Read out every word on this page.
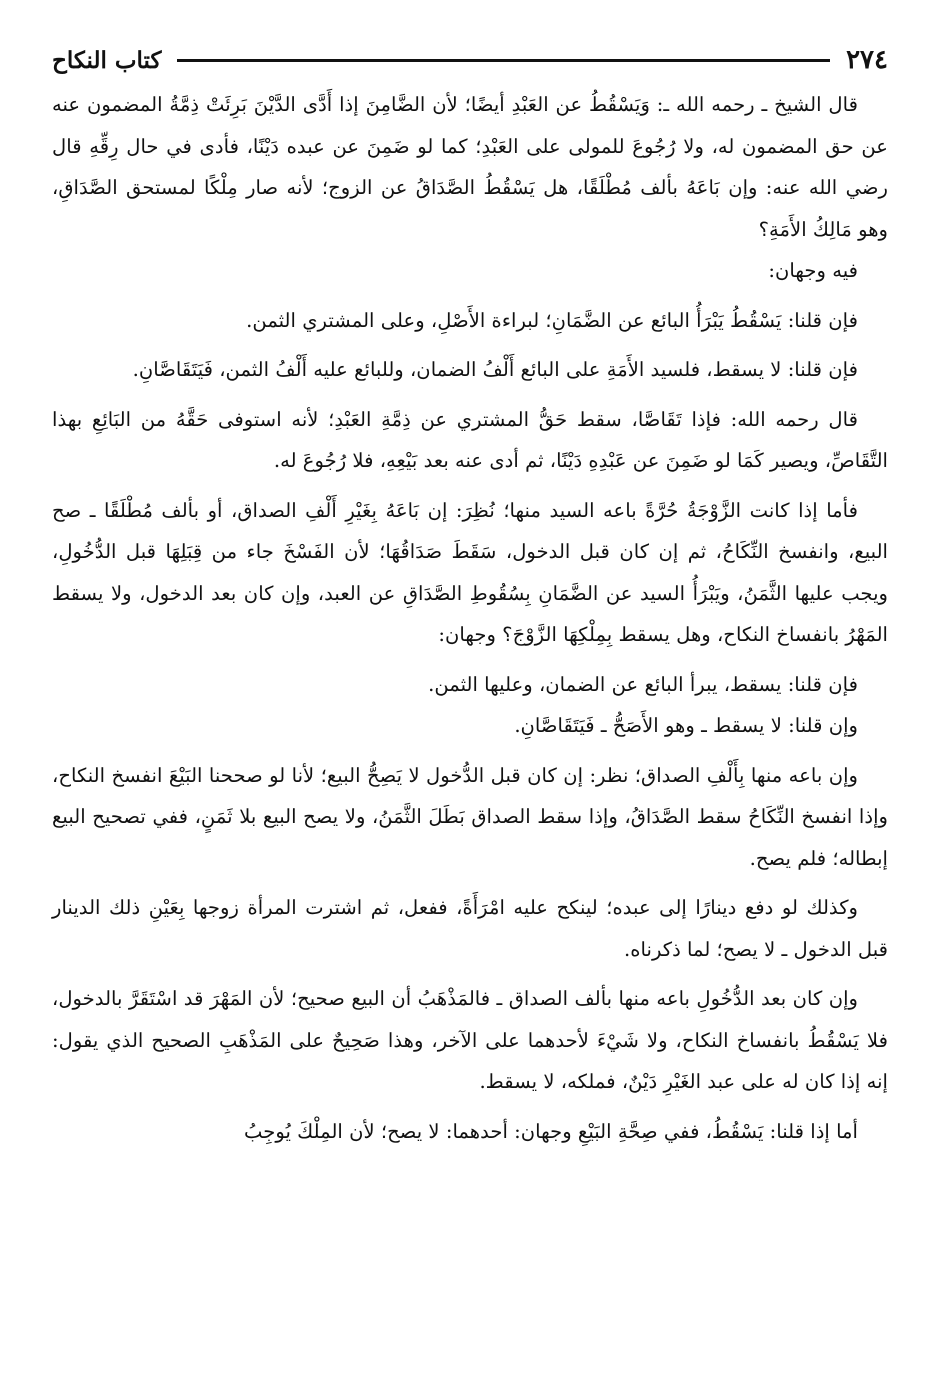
٢٧٤
كتاب النكاح

قال الشيخ ـ رحمه الله ـ: وَيَسْقُطُ عن العَبْدِ أيضًا؛ لأن الضَّامِنَ إذا أَدَّى الدَّيْنَ بَرِئَتْ ذِمَّةُ المضمون عنه عن حق المضمون له، ولا رُجُوعَ للمولى على العَبْدِ؛ كما لو ضَمِنَ عن عبده دَيْنًا، فأدى في حال رِقِّهِ قال رضي الله عنه: وإن بَاعَهُ بألف مُطْلَقًا، هل يَسْقُطُ الصَّدَاقُ عن الزوج؛ لأنه صار مِلْكًا لمستحق الصَّدَاقِ، وهو مَالِكُ الأَمَةِ؟

فيه وجهان:

فإن قلنا: يَسْقُطُ يَبْرَأُ البائع عن الضَّمَانِ؛ لبراءة الأَصْلِ، وعلى المشتري الثمن.

فإن قلنا: لا يسقط، فلسيد الأَمَةِ على البائع أَلْفُ الضمان، وللبائع عليه أَلْفُ الثمن، فَيَتَقَاصَّانِ.

قال رحمه الله: فإذا تَقَاصَّا، سقط حَقُّ المشتري عن ذِمَّةِ العَبْدِ؛ لأنه استوفى حَقَّهُ من البَائِعِ بهذا التَّقَاصِّ، ويصير كَمَا لو ضَمِنَ عن عَبْدِهِ دَيْنًا، ثم أدى عنه بعد بَيْعِهِ، فلا رُجُوعَ له.

فأما إذا كانت الزَّوْجَةُ حُرَّةً باعه السيد منها؛ نُظِرَ: إن بَاعَهُ بِغَيْرِ أَلْفِ الصداق، أو بألف مُطْلَقًا ـ صح البيع، وانفسخ النِّكَاحُ، ثم إن كان قبل الدخول، سَقَطَ صَدَاقُهَا؛ لأن الفَسْخَ جاء من قِبَلِهَا قبل الدُّخُولِ، ويجب عليها الثَّمَنُ، ويَبْرَأُ السيد عن الضَّمَانِ بِسُقُوطِ الصَّدَاقِ عن العبد، وإن كان بعد الدخول، ولا يسقط المَهْرُ بانفساخ النكاح، وهل يسقط بِمِلْكِهَا الزَّوْجَ؟ وجهان:

فإن قلنا: يسقط، يبرأ البائع عن الضمان، وعليها الثمن.

وإن قلنا: لا يسقط ـ وهو الأَصَحُّ ـ فَيَتَقَاصَّانِ.

وإن باعه منها بِأَلْفِ الصداق؛ نظر: إن كان قبل الدُّخول لا يَصِحُّ البيع؛ لأنا لو صححنا البَيْعَ انفسخ النكاح، وإذا انفسخ النِّكَاحُ سقط الصَّدَاقُ، وإذا سقط الصداق بَطَلَ الثَّمَنُ، ولا يصح البيع بلا ثَمَنٍ، ففي تصحيح البيع إبطاله؛ فلم يصح.

وكذلك لو دفع دينارًا إلى عبده؛ لينكح عليه امْرَأَةً، ففعل، ثم اشترت المرأة زوجها بِعَيْنِ ذلك الدينار قبل الدخول ـ لا يصح؛ لما ذكرناه.

وإن كان بعد الدُّخُولِ باعه منها بألف الصداق ـ فالمَذْهَبُ أن البيع صحيح؛ لأن المَهْرَ قد اسْتَقَرَّ بالدخول، فلا يَسْقُطُ بانفساخ النكاح، ولا شَيْءَ لأحدهما على الآخر، وهذا صَحِيحٌ على المَذْهَبِ الصحيح الذي يقول: إنه إذا كان له على عبد الغَيْرِ دَيْنٌ، فملكه، لا يسقط.

أما إذا قلنا: يَسْقُطُ، ففي صِحَّةِ البَيْعِ وجهان: أحدهما: لا يصح؛ لأن المِلْكَ يُوجِبُ
